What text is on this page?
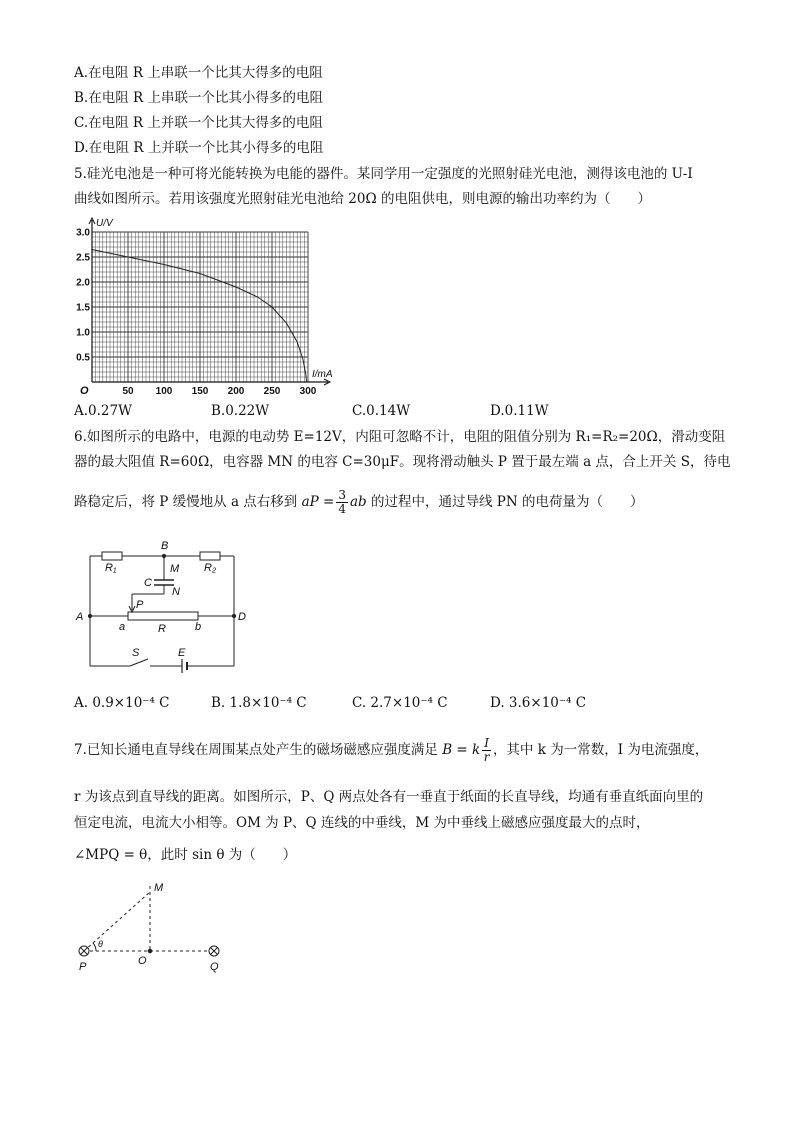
A.在电阻 R 上串联一个比其大得多的电阻
B.在电阻 R 上串联一个比其小得多的电阻
C.在电阻 R 上并联一个比其大得多的电阻
D.在电阻 R 上并联一个比其小得多的电阻
5.硅光电池是一种可将光能转换为电能的器件。某同学用一定强度的光照射硅光电池，测得该电池的 U-I
曲线如图所示。若用该强度光照射硅光电池给 20Ω 的电阻供电，则电源的输出功率约为（　　）
50 100 150 200 250 300
0.5
1.0
1.5
2.0
2.5
3.0
U/V
I/mA
O
A.0.27W	B.0.22W	C.0.14W	D.0.11W
6.如图所示的电路中，电源的电动势 E=12V，内阻可忽略不计，电阻的阻值分别为 R₁=R₂=20Ω，滑动变阻
器的最大阻值 R=60Ω，电容器 MN 的电容 C=30μF。现将滑动触头 P 置于最左端 a 点，合上开关 S，待电
路稳定后，将 P 缓慢地从 a 点右移到 aP = $\frac{3}{4}$ ab 的过程中，通过导线 PN 的电荷量为（　　）
B
R₁	R₂
M
C
N
P
A	D
a	R	b
S	E
A. 0.9×10⁻⁴ C	B. 1.8×10⁻⁴ C	C. 2.7×10⁻⁴ C	D. 3.6×10⁻⁴ C
7.已知长通电直导线在周围某点处产生的磁场磁感应强度满足 B = k $\frac{I}{r}$ ，其中 k 为一常数，I 为电流强度，
r 为该点到直导线的距离。如图所示，P、Q 两点处各有一垂直于纸面的长直导线，均通有垂直纸面向里的
恒定电流，电流大小相等。OM 为 P、Q 连线的中垂线，M 为中垂线上磁感应强度最大的点时，
∠MPQ = θ，此时 sin θ 为（　　）
M
θ
P	O	Q
